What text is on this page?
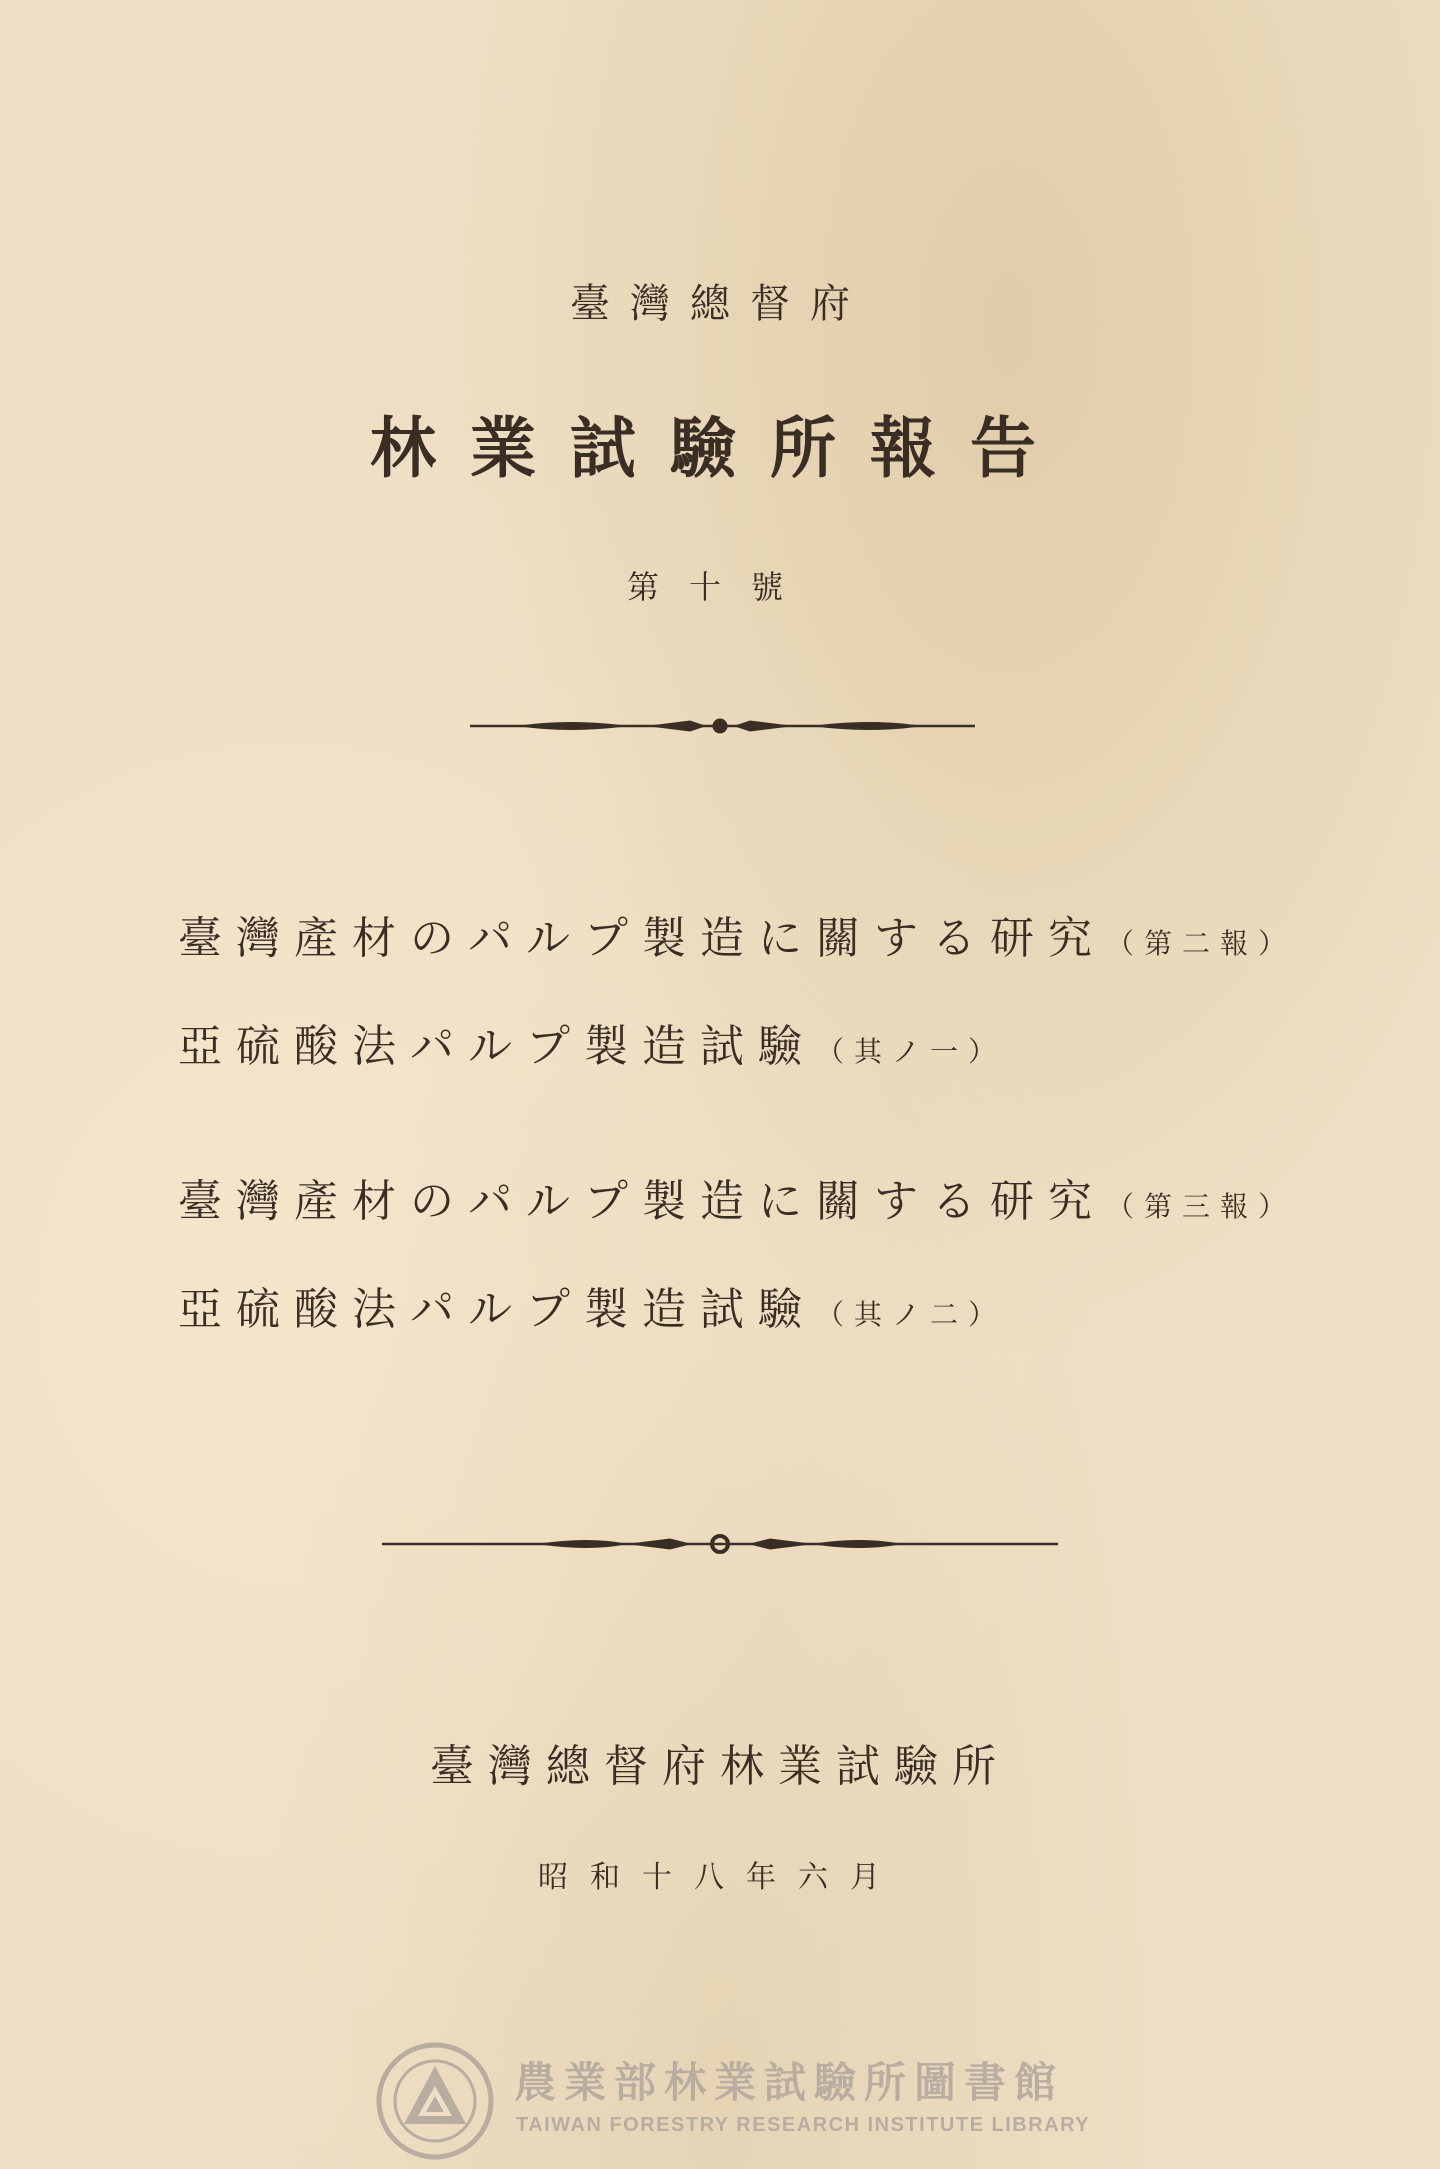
臺灣總督府
林業試驗所報告
第十號
臺灣產材のパルプ製造に關する研究（第二報）
亞硫酸法パルプ製造試驗（其ノ一）
臺灣產材のパルプ製造に關する研究（第三報）
亞硫酸法パルプ製造試驗（其ノ二）
臺灣總督府林業試驗所
昭和十八年六月
農業部林業試驗所圖書館
TAIWAN FORESTRY RESEARCH INSTITUTE LIBRARY
